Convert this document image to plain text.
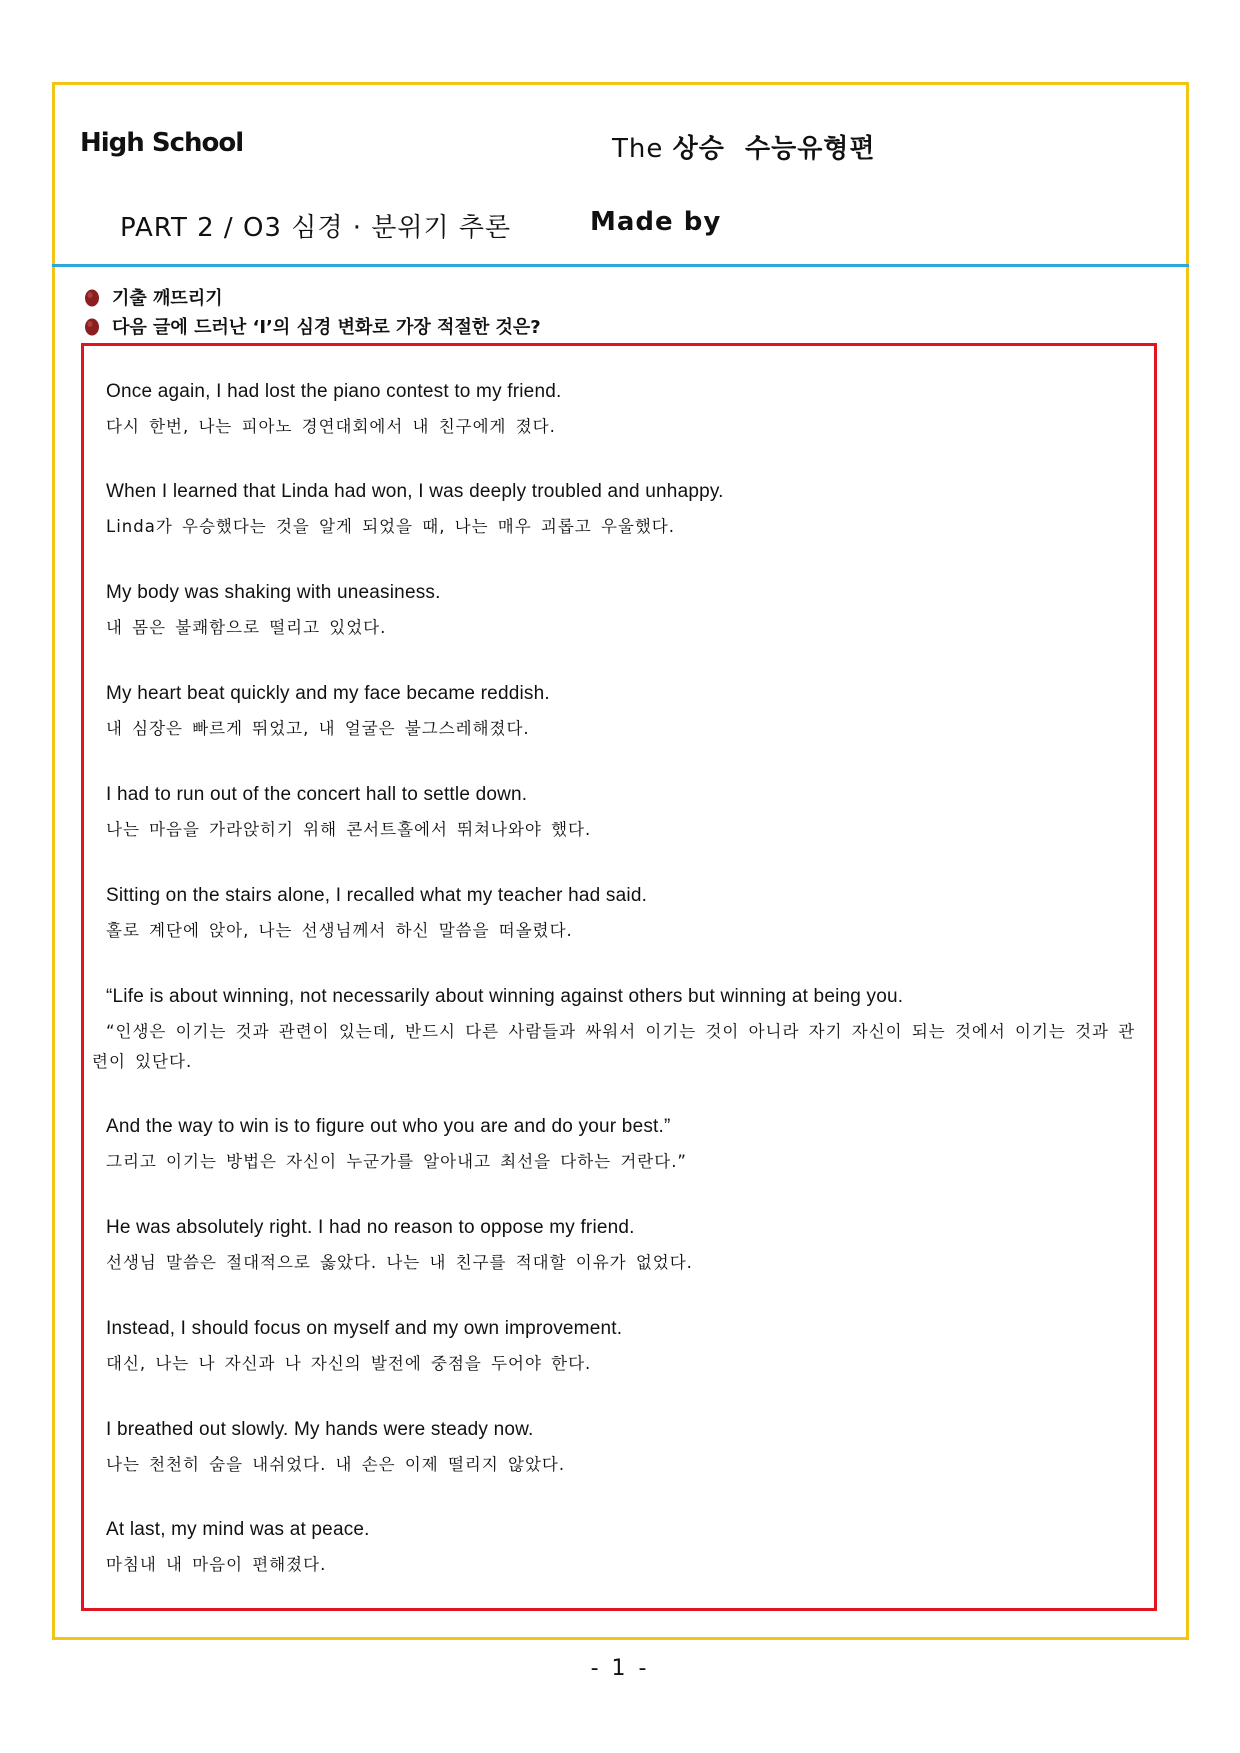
High School	The 상승  수능유형편
PART 2 / O3 심경 · 분위기 추론	Made by
기출 깨뜨리기
다음 글에 드러난 ‘I’의 심경 변화로 가장 적절한 것은?
Once again, I had lost the piano contest to my friend.
다시 한번, 나는 피아노 경연대회에서 내 친구에게 졌다.
When I learned that Linda had won, I was deeply troubled and unhappy.
Linda가 우승했다는 것을 알게 되었을 때, 나는 매우 괴롭고 우울했다.
My body was shaking with uneasiness.
내 몸은 불쾌함으로 떨리고 있었다.
My heart beat quickly and my face became reddish.
내 심장은 빠르게 뛰었고, 내 얼굴은 불그스레해졌다.
I had to run out of the concert hall to settle down.
나는 마음을 가라앉히기 위해 콘서트홀에서 뛰쳐나와야 했다.
Sitting on the stairs alone, I recalled what my teacher had said.
홀로 계단에 앉아, 나는 선생님께서 하신 말씀을 떠올렸다.
“Life is about winning, not necessarily about winning against others but winning at being you.
“인생은 이기는 것과 관련이 있는데, 반드시 다른 사람들과 싸워서 이기는 것이 아니라 자기 자신이 되는 것에서 이기는 것과 관련이 있단다.
And the way to win is to figure out who you are and do your best.”
그리고 이기는 방법은 자신이 누군가를 알아내고 최선을 다하는 거란다.”
He was absolutely right. I had no reason to oppose my friend.
선생님 말씀은 절대적으로 옳았다. 나는 내 친구를 적대할 이유가 없었다.
Instead, I should focus on myself and my own improvement.
대신, 나는 나 자신과 나 자신의 발전에 중점을 두어야 한다.
I breathed out slowly. My hands were steady now.
나는 천천히 숨을 내쉬었다. 내 손은 이제 떨리지 않았다.
At last, my mind was at peace.
마침내 내 마음이 편해졌다.
- 1 -
